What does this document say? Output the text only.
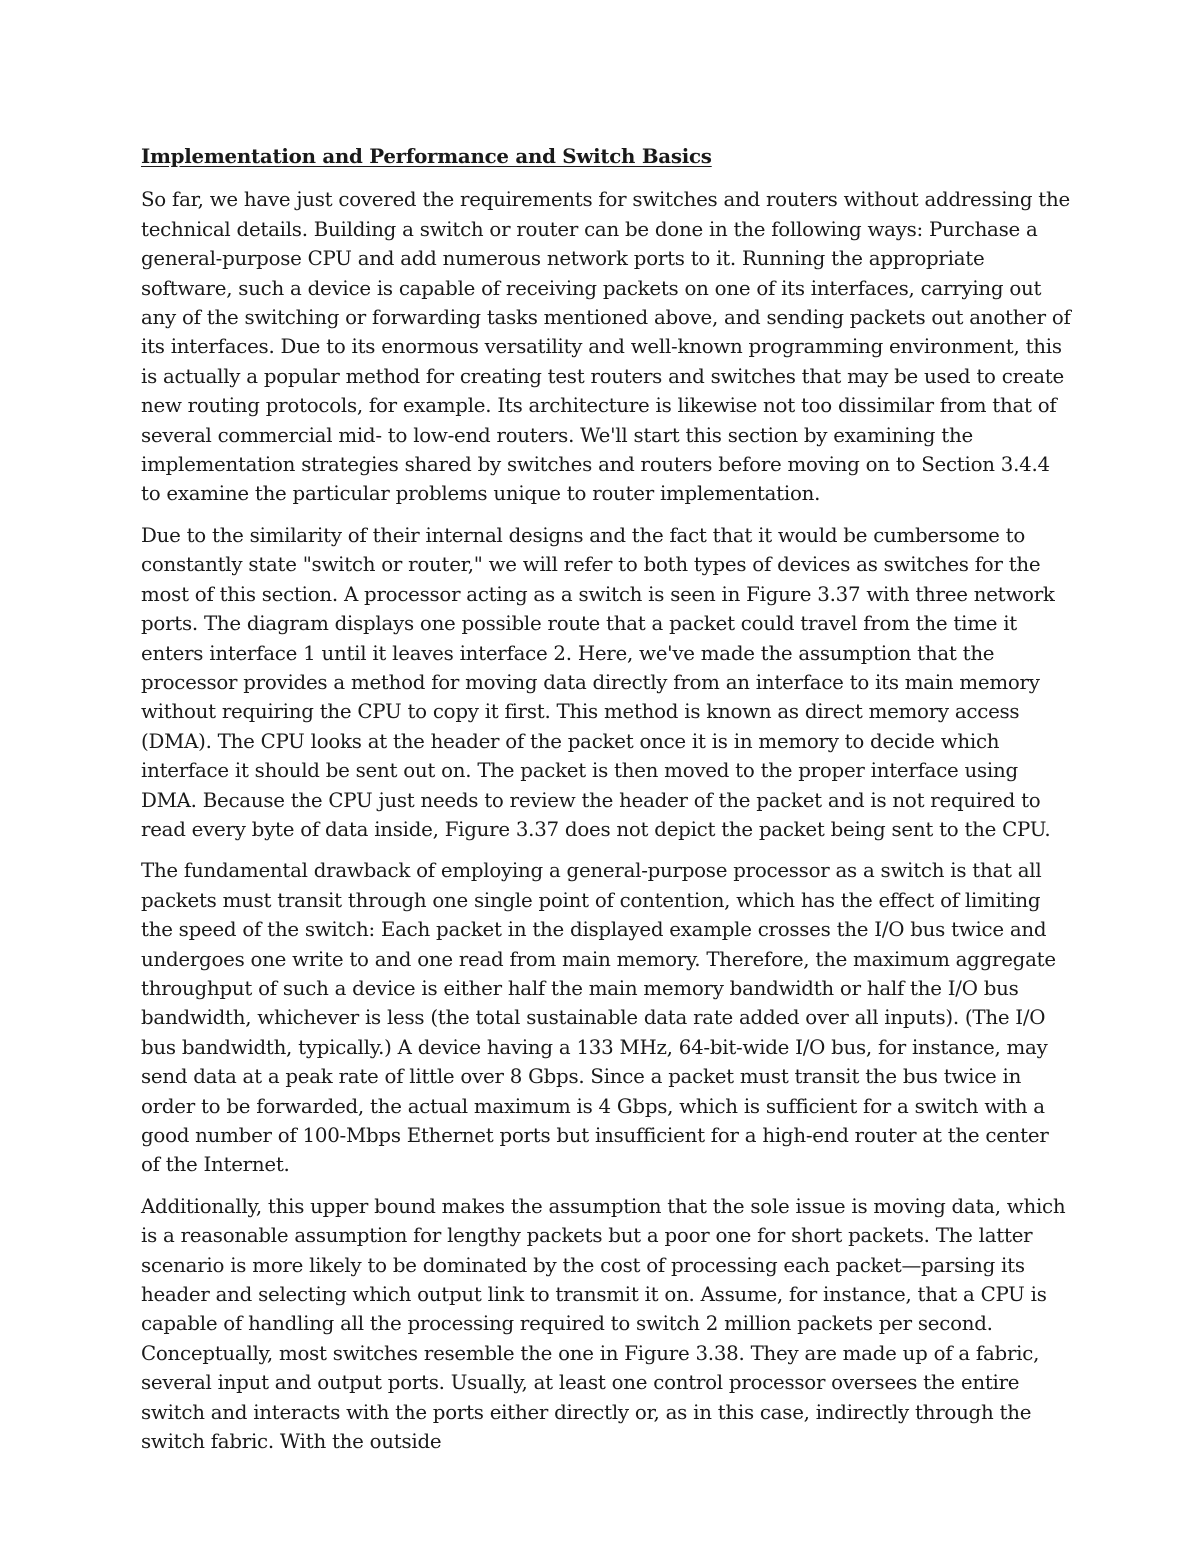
Implementation and Performance and Switch Basics

So far, we have just covered the requirements for switches and routers without addressing the technical details. Building a switch or router can be done in the following ways: Purchase a general-purpose CPU and add numerous network ports to it. Running the appropriate software, such a device is capable of receiving packets on one of its interfaces, carrying out any of the switching or forwarding tasks mentioned above, and sending packets out another of its interfaces. Due to its enormous versatility and well-known programming environment, this is actually a popular method for creating test routers and switches that may be used to create new routing protocols, for example. Its architecture is likewise not too dissimilar from that of several commercial mid- to low-end routers. We'll start this section by examining the implementation strategies shared by switches and routers before moving on to Section 3.4.4 to examine the particular problems unique to router implementation.

Due to the similarity of their internal designs and the fact that it would be cumbersome to constantly state "switch or router," we will refer to both types of devices as switches for the most of this section. A processor acting as a switch is seen in Figure 3.37 with three network ports. The diagram displays one possible route that a packet could travel from the time it enters interface 1 until it leaves interface 2. Here, we've made the assumption that the processor provides a method for moving data directly from an interface to its main memory without requiring the CPU to copy it first. This method is known as direct memory access (DMA). The CPU looks at the header of the packet once it is in memory to decide which interface it should be sent out on. The packet is then moved to the proper interface using DMA. Because the CPU just needs to review the header of the packet and is not required to read every byte of data inside, Figure 3.37 does not depict the packet being sent to the CPU.

The fundamental drawback of employing a general-purpose processor as a switch is that all packets must transit through one single point of contention, which has the effect of limiting the speed of the switch: Each packet in the displayed example crosses the I/O bus twice and undergoes one write to and one read from main memory. Therefore, the maximum aggregate throughput of such a device is either half the main memory bandwidth or half the I/O bus bandwidth, whichever is less (the total sustainable data rate added over all inputs). (The I/O bus bandwidth, typically.) A device having a 133 MHz, 64-bit-wide I/O bus, for instance, may send data at a peak rate of little over 8 Gbps. Since a packet must transit the bus twice in order to be forwarded, the actual maximum is 4 Gbps, which is sufficient for a switch with a good number of 100-Mbps Ethernet ports but insufficient for a high-end router at the center of the Internet.

Additionally, this upper bound makes the assumption that the sole issue is moving data, which is a reasonable assumption for lengthy packets but a poor one for short packets. The latter scenario is more likely to be dominated by the cost of processing each packet—parsing its header and selecting which output link to transmit it on. Assume, for instance, that a CPU is capable of handling all the processing required to switch 2 million packets per second. Conceptually, most switches resemble the one in Figure 3.38. They are made up of a fabric, several input and output ports. Usually, at least one control processor oversees the entire switch and interacts with the ports either directly or, as in this case, indirectly through the switch fabric. With the outside
